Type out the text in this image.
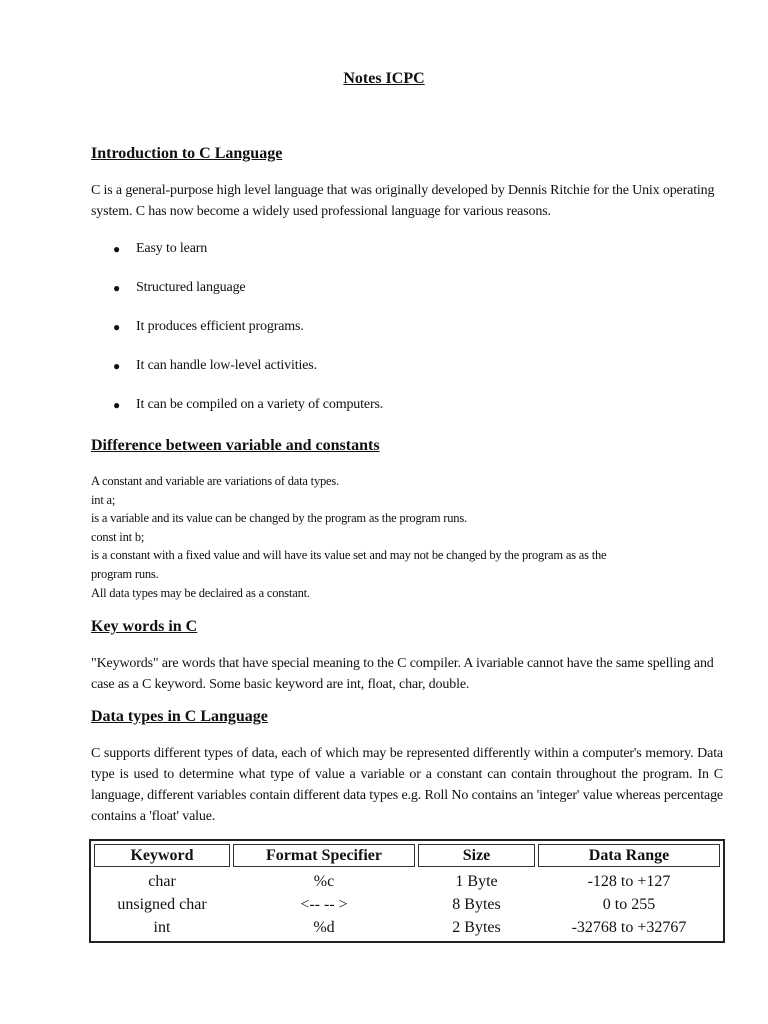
Notes ICPC
Introduction to C Language
C is a general-purpose high level language that was originally developed by Dennis Ritchie for the Unix operating system. C has now become a widely used professional language for various reasons.
● Easy to learn
● Structured language
● It produces efficient programs.
● It can handle low-level activities.
● It can be compiled on a variety of computers.
Difference between variable and constants
A constant and variable are variations of data types.
int a;
is a variable and its value can be changed by the program as the program runs.
const int b;
is a constant with a fixed value and will have its value set and may not be changed by the program as as the
program runs.
All data types may be declaired as a constant.
Key words in C
"Keywords" are words that have special meaning to the C compiler. A ivariable cannot have the same spelling and case as a C keyword. Some basic keyword are int, float, char, double.
Data types in C Language
C supports different types of data, each of which may be represented differently within a computer's memory. Data type is used to determine what type of value a variable or a constant can contain throughout the program. In C language, different variables contain different data types e.g. Roll No contains an 'integer' value whereas percentage contains a 'float' value.
Keyword	Format Specifier	Size	Data Range
char	%c	1 Byte	-128 to +127
unsigned char	<-- -- >	8 Bytes	0 to 255
int	%d	2 Bytes	-32768 to +32767
